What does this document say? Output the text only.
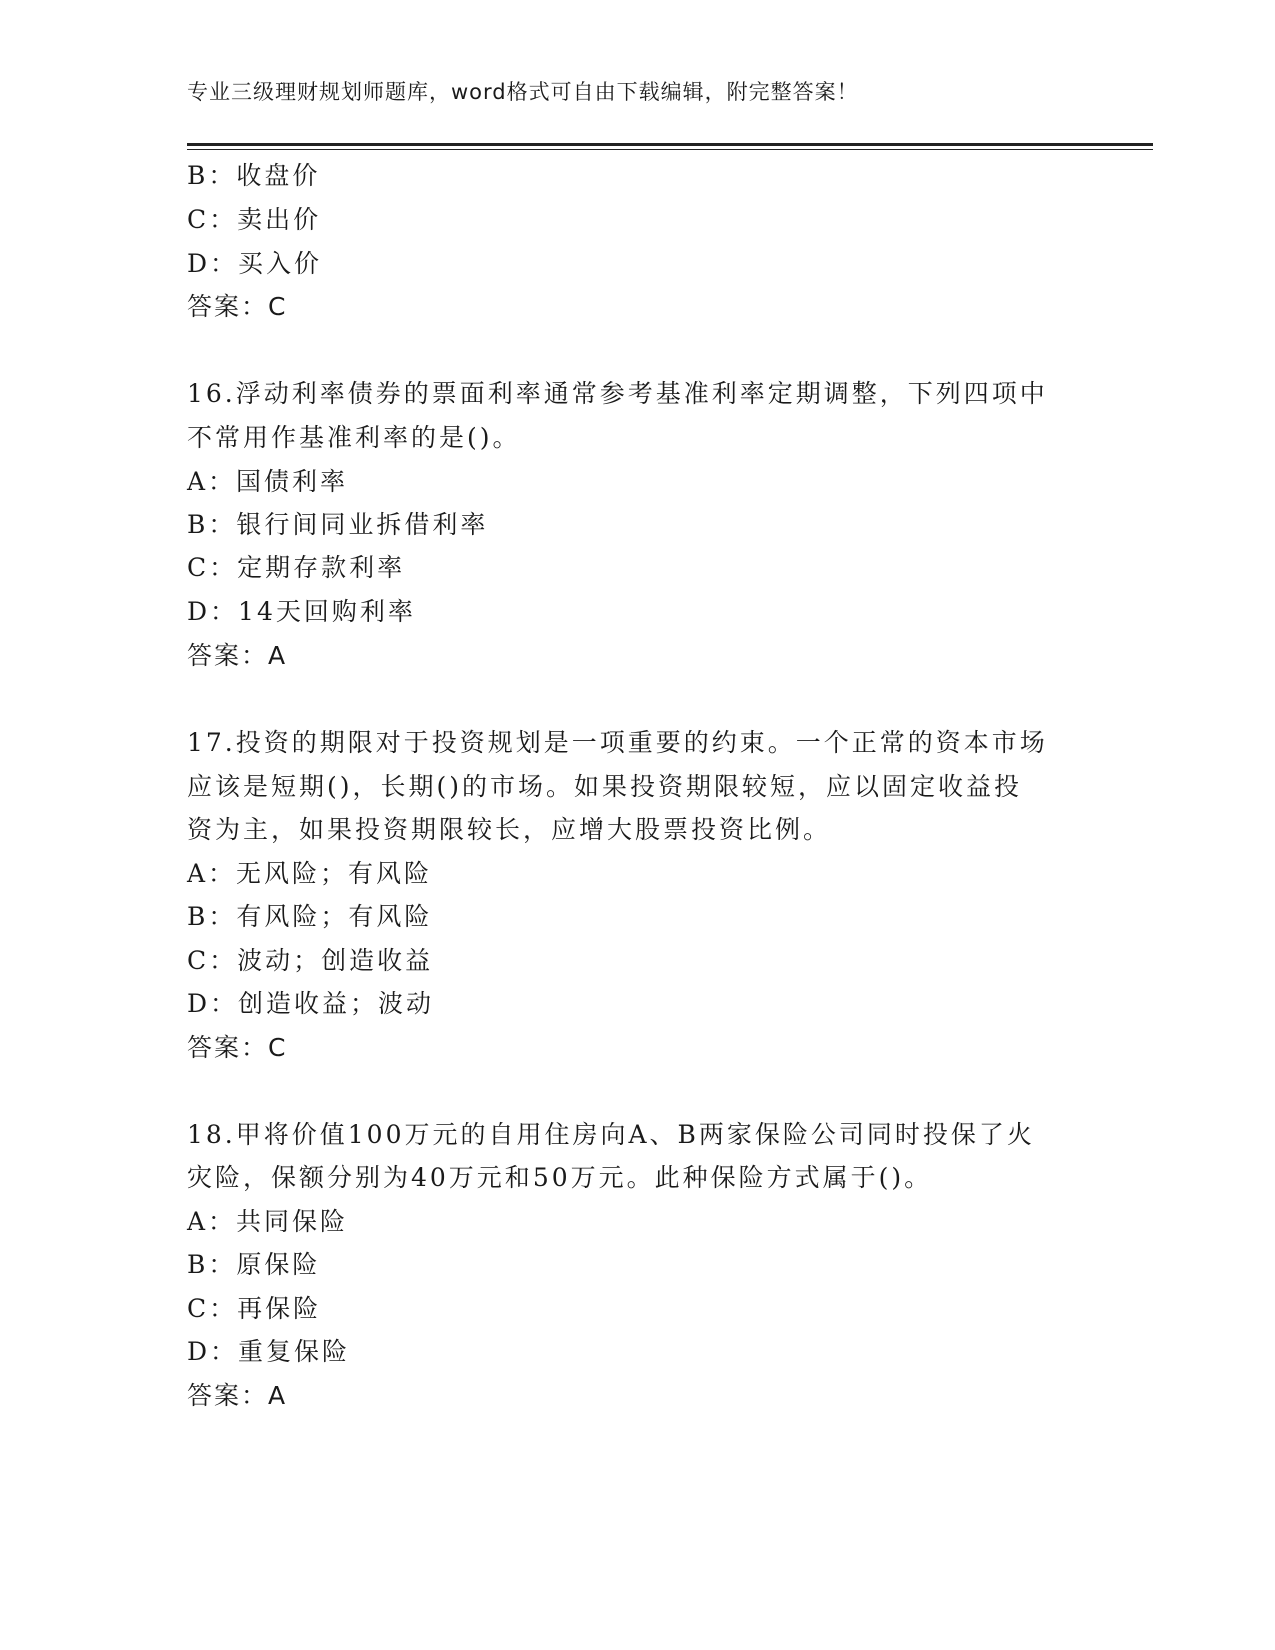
专业三级理财规划师题库，word格式可自由下载编辑，附完整答案！
B：收盘价
C：卖出价
D：买入价
答案：C
16.浮动利率债券的票面利率通常参考基准利率定期调整，下列四项中
不常用作基准利率的是()。
A：国债利率
B：银行间同业拆借利率
C：定期存款利率
D：14天回购利率
答案：A
17.投资的期限对于投资规划是一项重要的约束。一个正常的资本市场
应该是短期()，长期()的市场。如果投资期限较短，应以固定收益投
资为主，如果投资期限较长，应增大股票投资比例。
A：无风险；有风险
B：有风险；有风险
C：波动；创造收益
D：创造收益；波动
答案：C
18.甲将价值100万元的自用住房向A、B两家保险公司同时投保了火
灾险，保额分别为40万元和50万元。此种保险方式属于()。
A：共同保险
B：原保险
C：再保险
D：重复保险
答案：A
